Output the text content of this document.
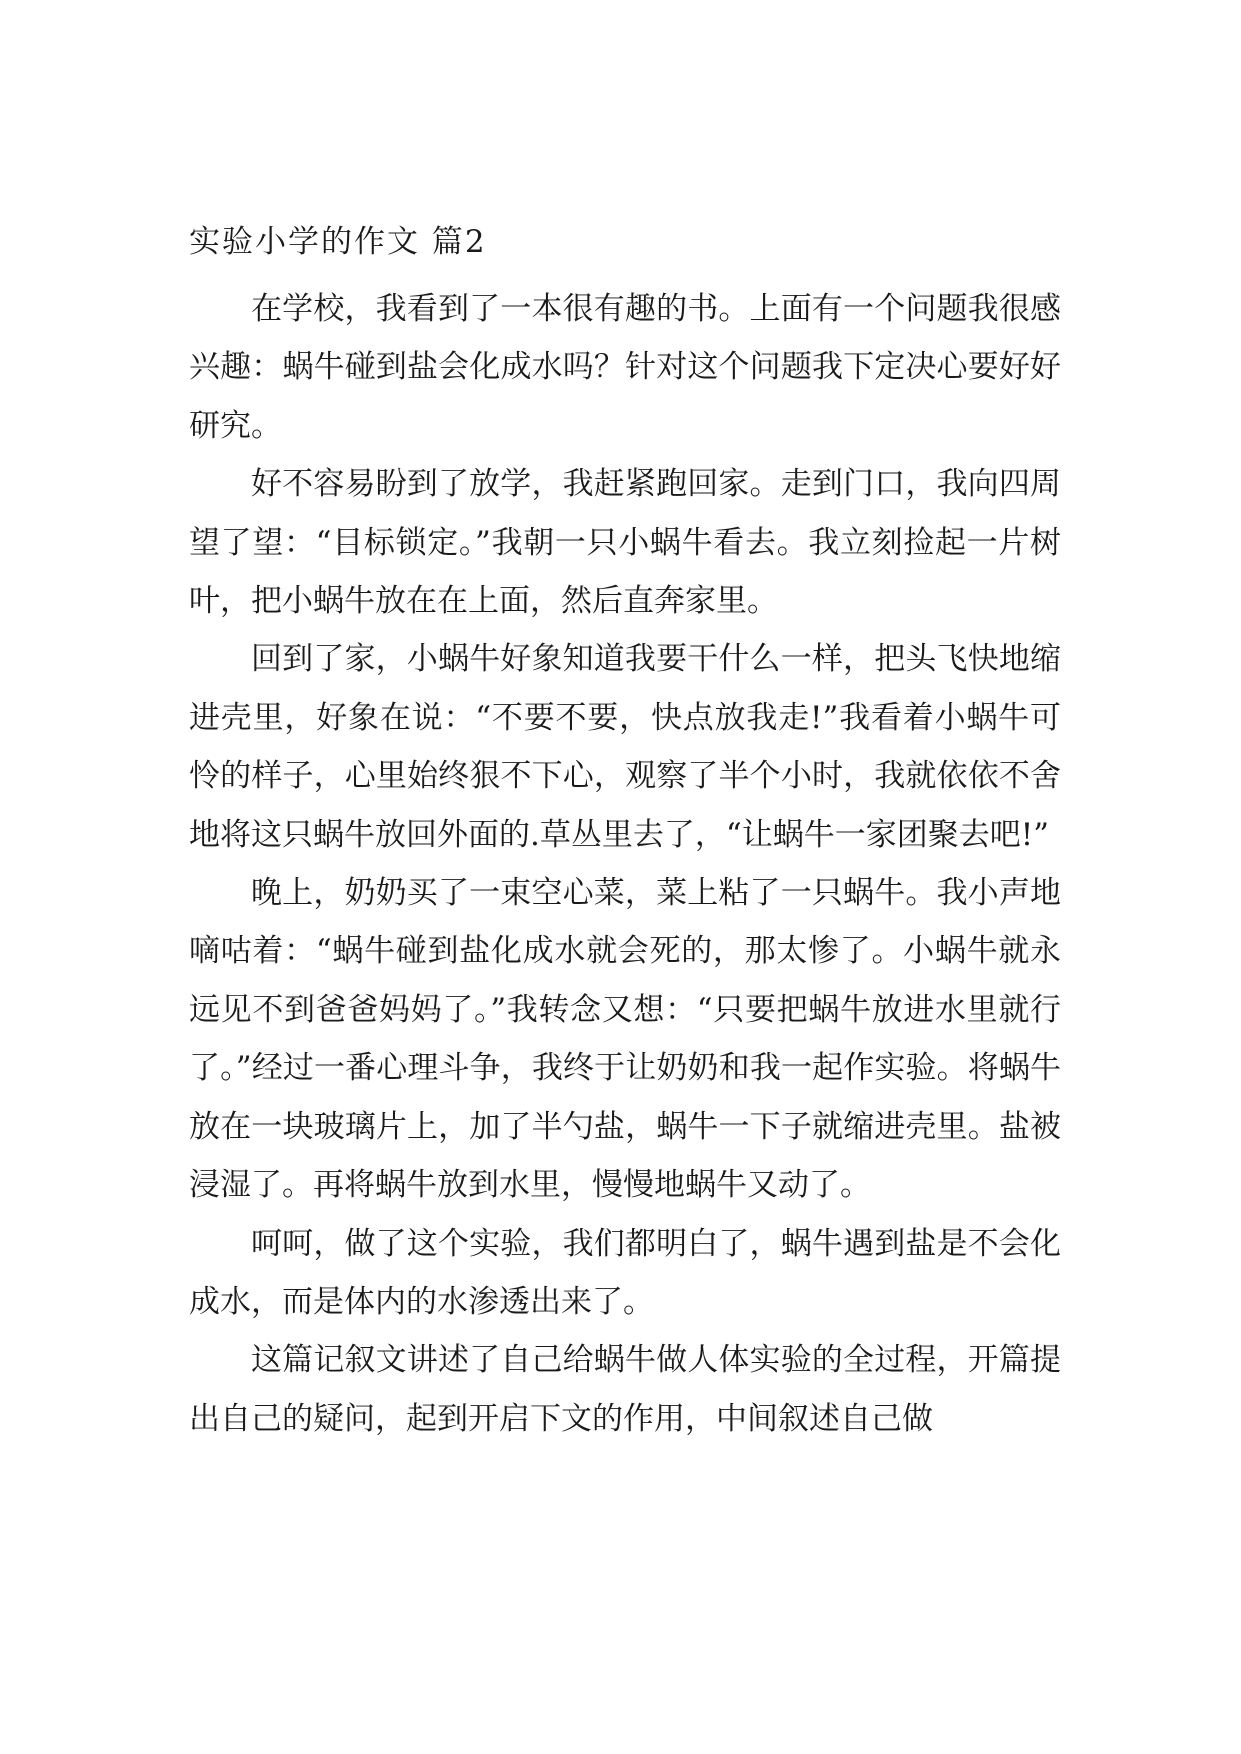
实验小学的作文 篇2

在学校，我看到了一本很有趣的书。上面有一个问题我很感兴趣：蜗牛碰到盐会化成水吗？针对这个问题我下定决心要好好研究。

好不容易盼到了放学，我赶紧跑回家。走到门口，我向四周望了望：“目标锁定。”我朝一只小蜗牛看去。我立刻捡起一片树叶，把小蜗牛放在在上面，然后直奔家里。

回到了家，小蜗牛好象知道我要干什么一样，把头飞快地缩进壳里，好象在说：“不要不要，快点放我走!”我看着小蜗牛可怜的样子，心里始终狠不下心，观察了半个小时，我就依依不舍地将这只蜗牛放回外面的.草丛里去了，“让蜗牛一家团聚去吧!”

晚上，奶奶买了一束空心菜，菜上粘了一只蜗牛。我小声地嘀咕着：“蜗牛碰到盐化成水就会死的，那太惨了。小蜗牛就永远见不到爸爸妈妈了。”我转念又想：“只要把蜗牛放进水里就行了。”经过一番心理斗争，我终于让奶奶和我一起作实验。将蜗牛放在一块玻璃片上，加了半勺盐，蜗牛一下子就缩进壳里。盐被浸湿了。再将蜗牛放到水里，慢慢地蜗牛又动了。

呵呵，做了这个实验，我们都明白了，蜗牛遇到盐是不会化成水，而是体内的水渗透出来了。

这篇记叙文讲述了自己给蜗牛做人体实验的全过程，开篇提出自己的疑问，起到开启下文的作用，中间叙述自己做
